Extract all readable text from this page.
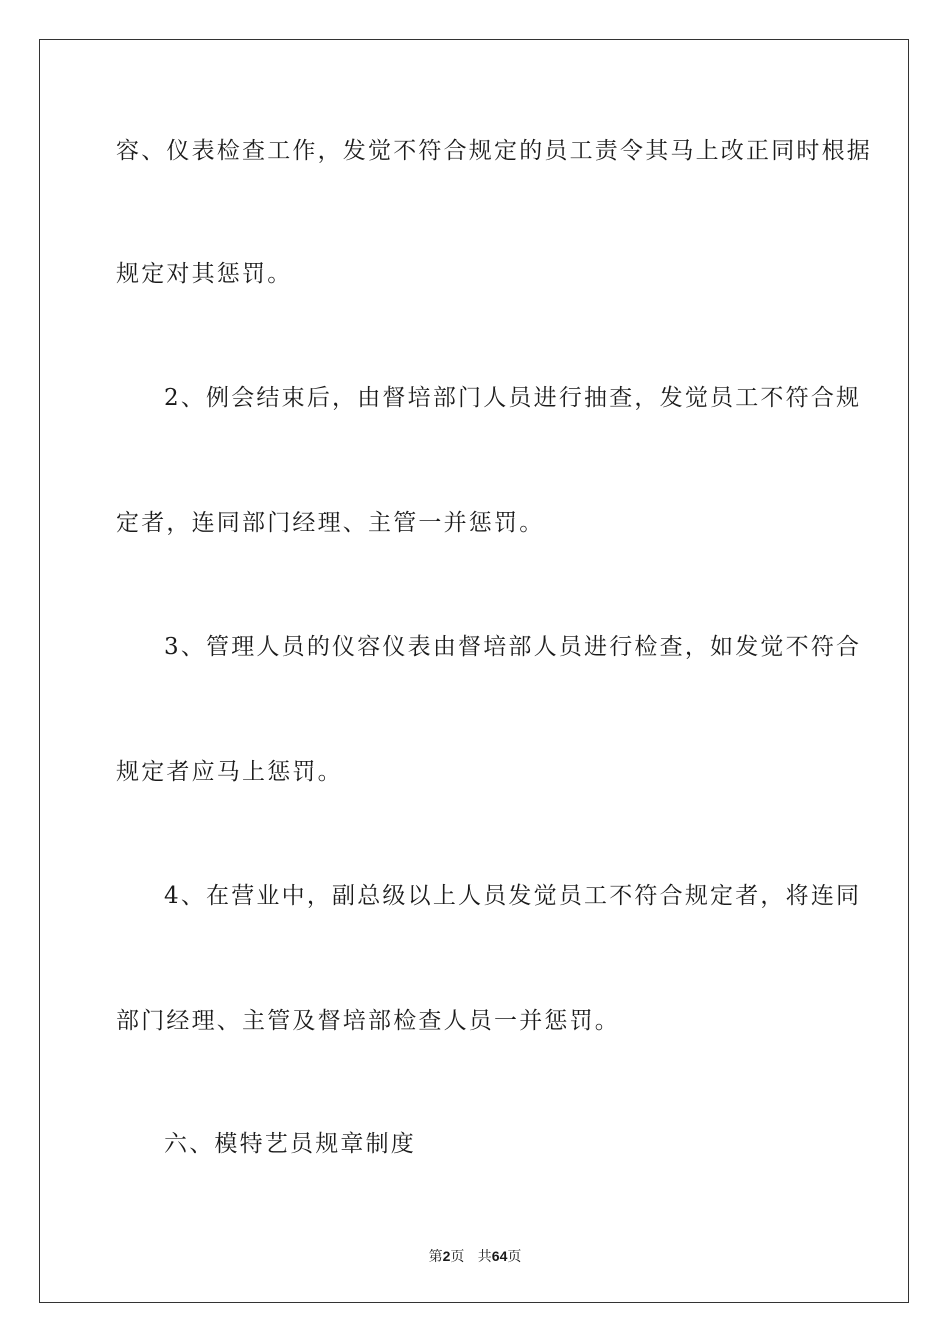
容、仪表检查工作，发觉不符合规定的员工责令其马上改正同时根据

规定对其惩罚。

2、例会结束后，由督培部门人员进行抽查，发觉员工不符合规

定者，连同部门经理、主管一并惩罚。

3、管理人员的仪容仪表由督培部人员进行检查，如发觉不符合

规定者应马上惩罚。

4、在营业中，副总级以上人员发觉员工不符合规定者，将连同

部门经理、主管及督培部检查人员一并惩罚。

六、模特艺员规章制度

第2页 共64页
